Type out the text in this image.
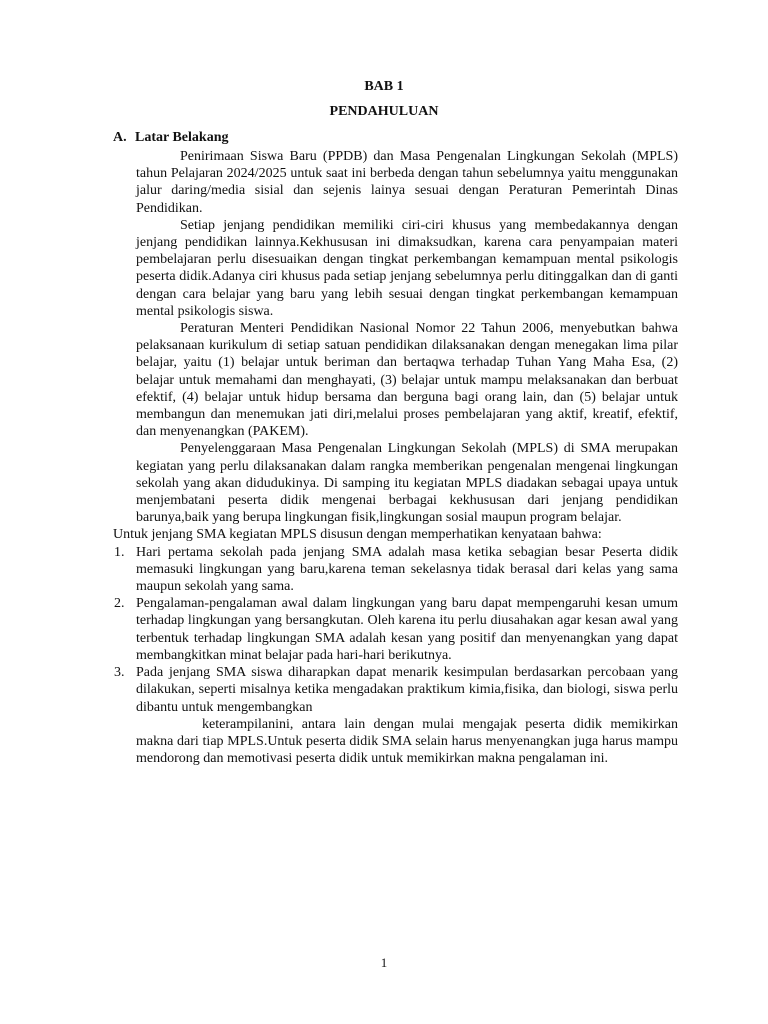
BAB 1
PENDAHULUAN
A. Latar Belakang

Penirimaan Siswa Baru (PPDB) dan Masa Pengenalan Lingkungan Sekolah (MPLS) tahun Pelajaran 2024/2025 untuk saat ini berbeda dengan tahun sebelumnya yaitu menggunakan jalur daring/media sisial dan sejenis lainya sesuai dengan Peraturan Pemerintah Dinas Pendidikan.

Setiap jenjang pendidikan memiliki ciri-ciri khusus yang membedakannya dengan jenjang pendidikan lainnya.Kekhususan ini dimaksudkan, karena cara penyampaian materi pembelajaran perlu disesuaikan dengan tingkat perkembangan kemampuan mental psikologis peserta didik.Adanya ciri khusus pada setiap jenjang sebelumnya perlu ditinggalkan dan di ganti dengan cara belajar yang baru yang lebih sesuai dengan tingkat perkembangan kemampuan mental psikologis siswa.

Peraturan Menteri Pendidikan Nasional Nomor 22 Tahun 2006, menyebutkan bahwa pelaksanaan kurikulum di setiap satuan pendidikan dilaksanakan dengan menegakan lima pilar belajar, yaitu (1) belajar untuk beriman dan bertaqwa terhadap Tuhan Yang Maha Esa, (2) belajar untuk memahami dan menghayati, (3) belajar untuk mampu melaksanakan dan berbuat efektif, (4) belajar untuk hidup bersama dan berguna bagi orang lain, dan (5) belajar untuk membangun dan menemukan jati diri,melalui proses pembelajaran yang aktif, kreatif, efektif, dan menyenangkan (PAKEM).

Penyelenggaraan Masa Pengenalan Lingkungan Sekolah (MPLS) di SMA merupakan kegiatan yang perlu dilaksanakan dalam rangka memberikan pengenalan mengenai lingkungan sekolah yang akan didudukinya. Di samping itu kegiatan MPLS diadakan sebagai upaya untuk menjembatani peserta didik mengenai berbagai kekhususan dari jenjang pendidikan barunya,baik yang berupa lingkungan fisik,lingkungan sosial maupun program belajar.

Untuk jenjang SMA kegiatan MPLS disusun dengan memperhatikan kenyataan bahwa:

1. Hari pertama sekolah pada jenjang SMA adalah masa ketika sebagian besar Peserta didik memasuki lingkungan yang baru,karena teman sekelasnya tidak berasal dari kelas yang sama maupun sekolah yang sama.
2. Pengalaman-pengalaman awal dalam lingkungan yang baru dapat mempengaruhi kesan umum terhadap lingkungan yang bersangkutan. Oleh karena itu perlu diusahakan agar kesan awal yang terbentuk terhadap lingkungan SMA adalah kesan yang positif dan menyenangkan yang dapat membangkitkan minat belajar pada hari-hari berikutnya.
3. Pada jenjang SMA siswa diharapkan dapat menarik kesimpulan berdasarkan percobaan yang dilakukan, seperti misalnya ketika mengadakan praktikum kimia,fisika, dan biologi, siswa perlu dibantu untuk mengembangkan

keterampilanini, antara lain dengan mulai mengajak peserta didik memikirkan makna dari tiap MPLS.Untuk peserta didik SMA selain harus menyenangkan juga harus mampu mendorong dan memotivasi peserta didik untuk memikirkan makna pengalaman ini.

1
